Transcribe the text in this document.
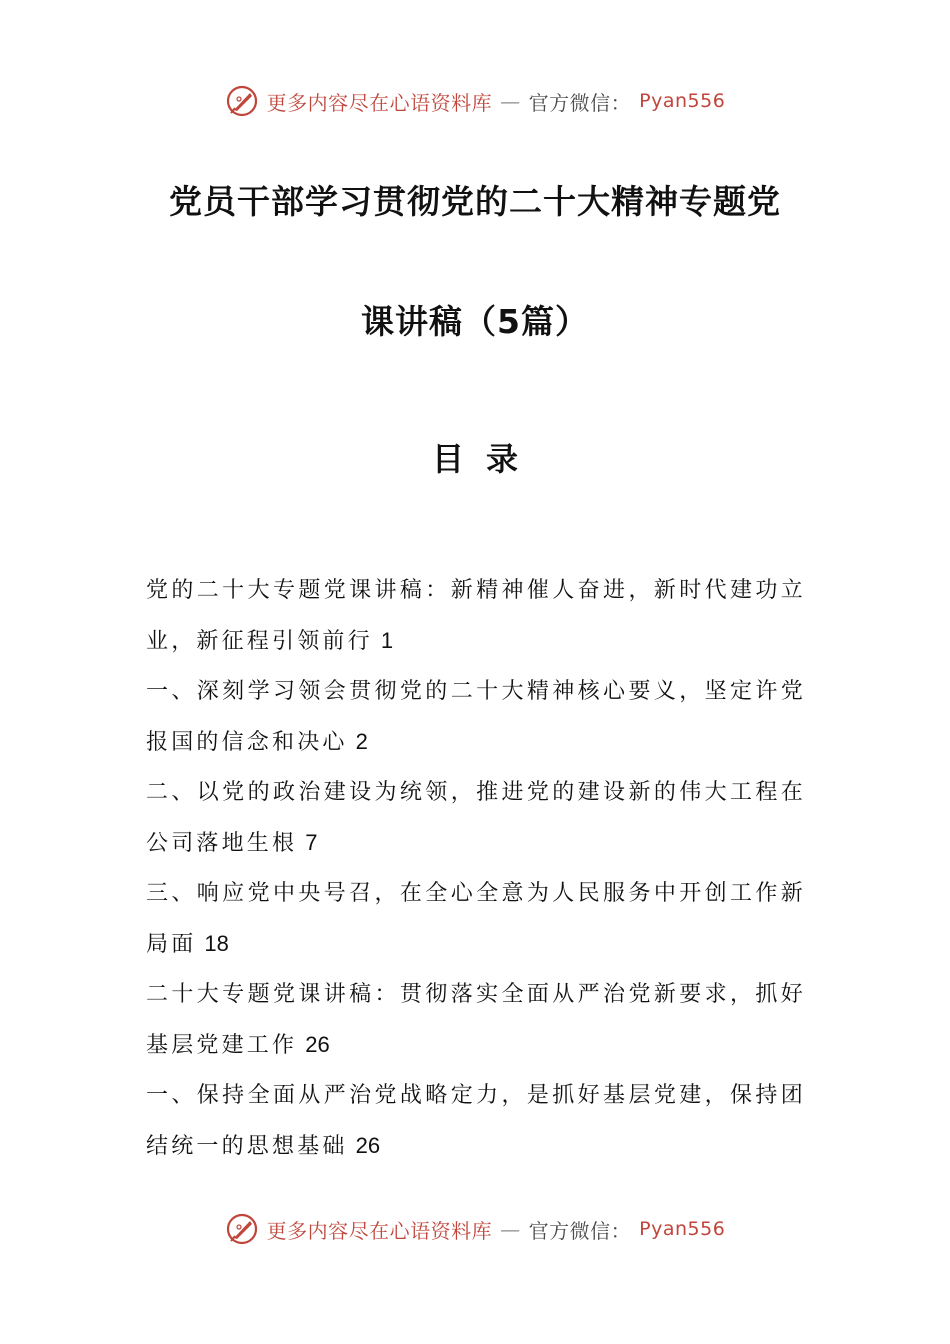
更多内容尽在心语资料库 — 官方微信： Pyan556
党员干部学习贯彻党的二十大精神专题党
课讲稿（5篇）
目录
党的二十大专题党课讲稿：新精神催人奋进，新时代建功立业，新征程引领前行 1
一、深刻学习领会贯彻党的二十大精神核心要义，坚定许党报国的信念和决心 2
二、以党的政治建设为统领，推进党的建设新的伟大工程在公司落地生根 7
三、响应党中央号召，在全心全意为人民服务中开创工作新局面 18
二十大专题党课讲稿：贯彻落实全面从严治党新要求，抓好基层党建工作 26
一、保持全面从严治党战略定力，是抓好基层党建，保持团结统一的思想基础 26
更多内容尽在心语资料库 — 官方微信： Pyan556
